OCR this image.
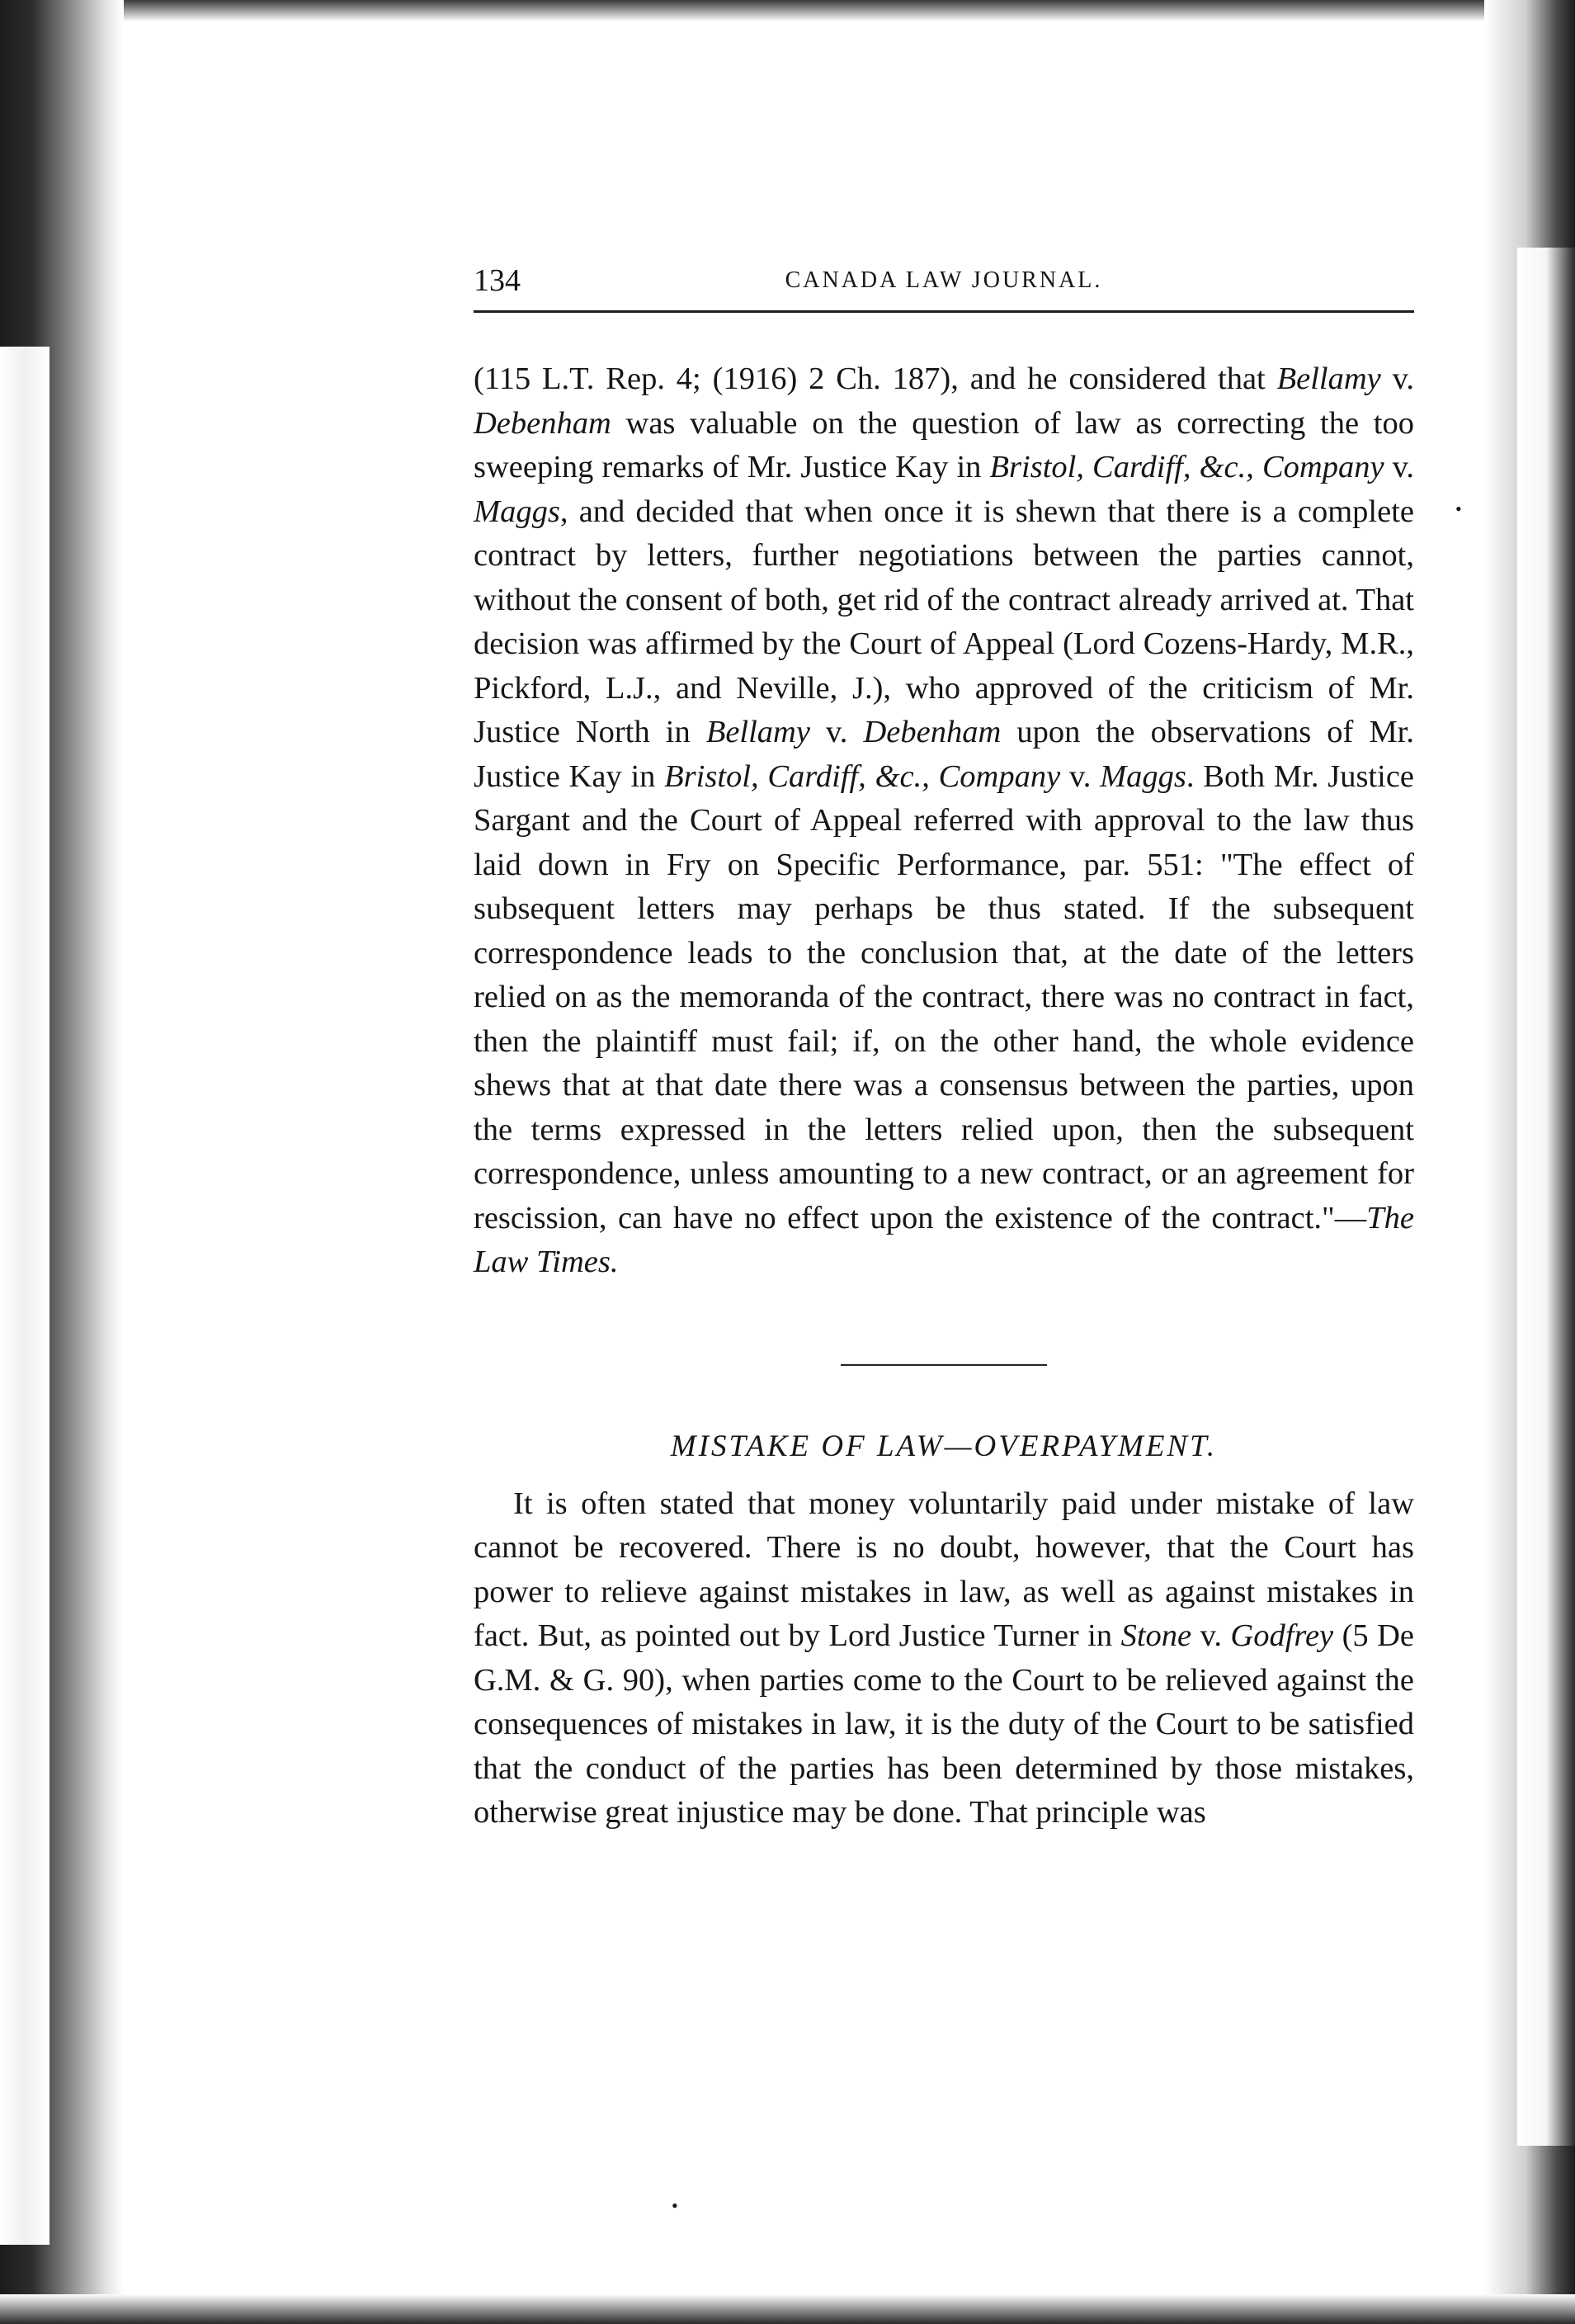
•
•
134	CANADA LAW JOURNAL.

(115 L.T. Rep. 4; (1916) 2 Ch. 187), and he considered that Bellamy v. Debenham was valuable on the question of law as correcting the too sweeping remarks of Mr. Justice Kay in Bristol, Cardiff, &c., Company v. Maggs, and decided that when once it is shewn that there is a complete contract by letters, further negotiations between the parties cannot, without the consent of both, get rid of the contract already arrived at. That decision was affirmed by the Court of Appeal (Lord Cozens-Hardy, M.R., Pickford, L.J., and Neville, J.), who approved of the criticism of Mr. Justice North in Bellamy v. Debenham upon the observations of Mr. Justice Kay in Bristol, Cardiff, &c., Company v. Maggs. Both Mr. Justice Sargant and the Court of Appeal referred with approval to the law thus laid down in Fry on Specific Performance, par. 551: "The effect of subsequent letters may perhaps be thus stated. If the subsequent correspondence leads to the conclusion that, at the date of the letters relied on as the memoranda of the contract, there was no contract in fact, then the plaintiff must fail; if, on the other hand, the whole evidence shews that at that date there was a consensus between the parties, upon the terms expressed in the letters relied upon, then the subsequent correspondence, unless amounting to a new contract, or an agreement for rescission, can have no effect upon the existence of the contract."—The Law Times.

MISTAKE OF LAW—OVERPAYMENT.

It is often stated that money voluntarily paid under mistake of law cannot be recovered. There is no doubt, however, that the Court has power to relieve against mistakes in law, as well as against mistakes in fact. But, as pointed out by Lord Justice Turner in Stone v. Godfrey (5 De G.M. & G. 90), when parties come to the Court to be relieved against the consequences of mistakes in law, it is the duty of the Court to be satisfied that the conduct of the parties has been determined by those mistakes, otherwise great injustice may be done. That principle was
